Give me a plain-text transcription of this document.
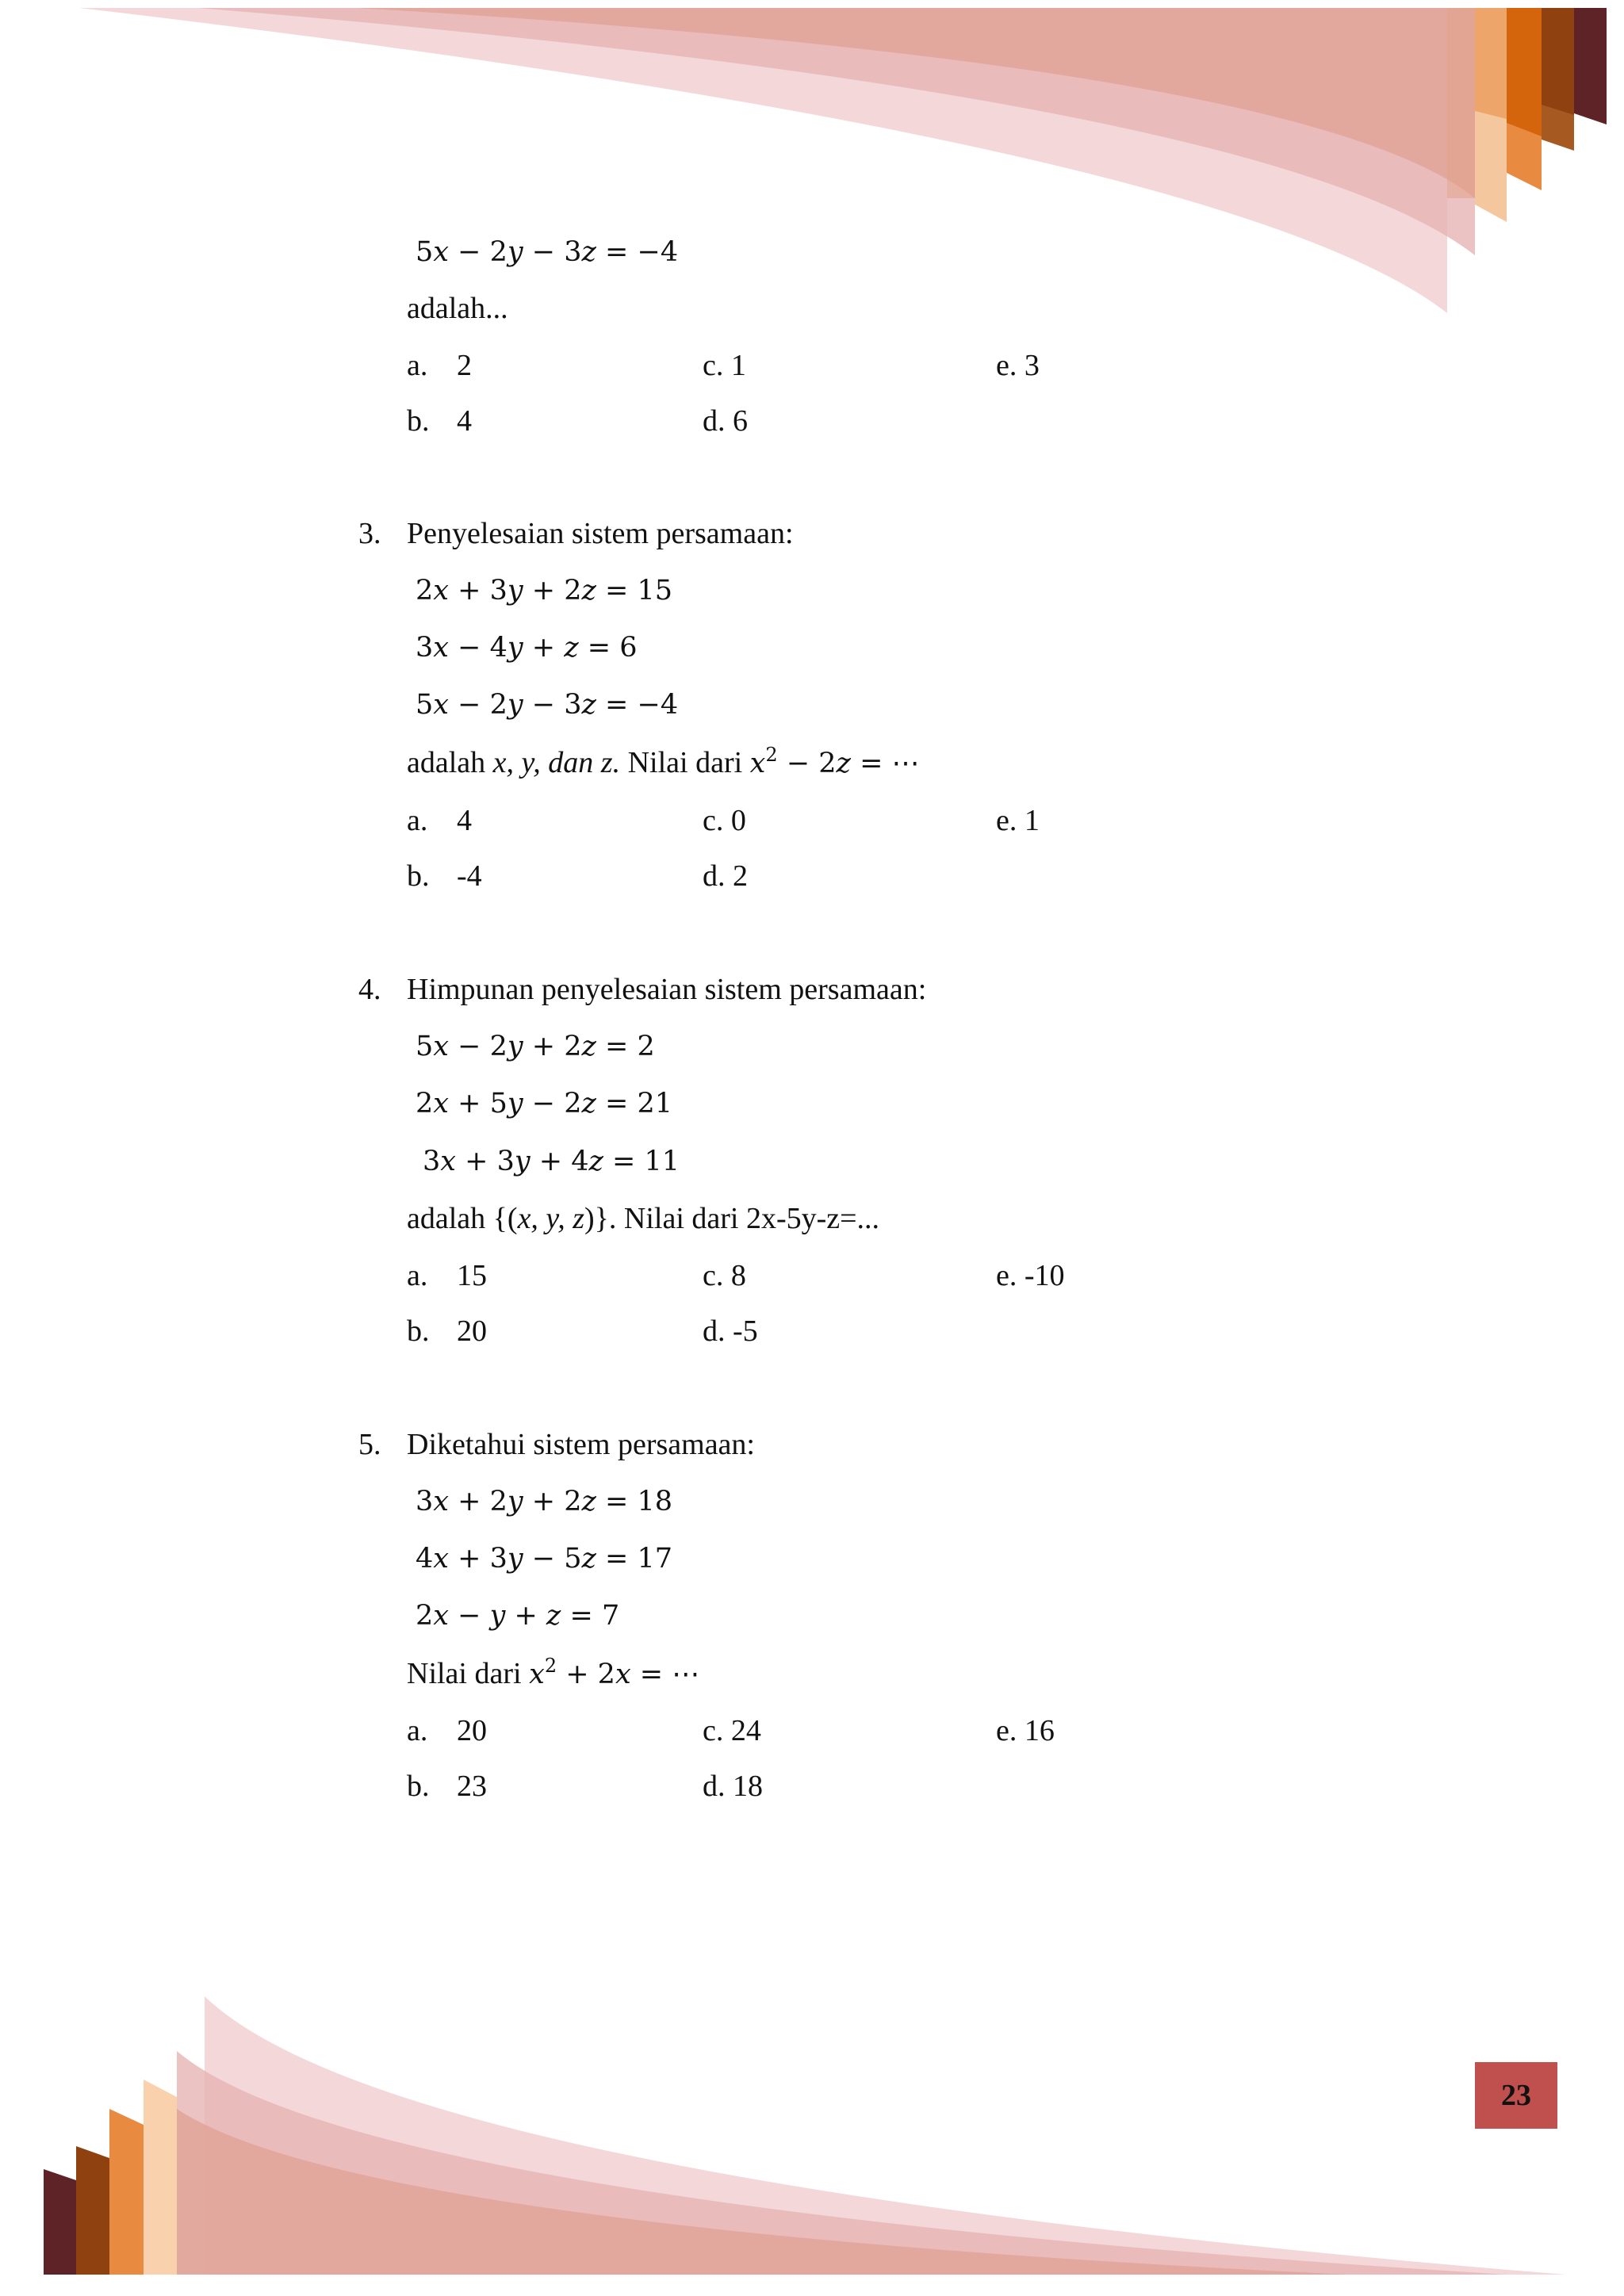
5𝑥 − 2𝑦 − 3𝑧 = −4
adalah...
a. 2	c. 1	e. 3
b. 4	d. 6
3. Penyelesaian sistem persamaan:
2𝑥 + 3𝑦 + 2𝑧 = 15
3𝑥 − 4𝑦 + 𝑧 = 6
5𝑥 − 2𝑦 − 3𝑧 = −4
adalah x, y, dan z. Nilai dari 𝑥$^2$ − 2𝑧 = ⋯
a. 4	c. 0	e. 1
b. -4	d. 2
4. Himpunan penyelesaian sistem persamaan:
5𝑥 − 2𝑦 + 2𝑧 = 2
2𝑥 + 5𝑦 − 2𝑧 = 21
3𝑥 + 3𝑦 + 4𝑧 = 11
adalah {(x, y, z)}. Nilai dari 2x-5y-z=...
a. 15	c. 8	e. -10
b. 20	d. -5
5. Diketahui sistem persamaan:
3𝑥 + 2𝑦 + 2𝑧 = 18
4𝑥 + 3𝑦 − 5𝑧 = 17
2𝑥 − 𝑦 + 𝑧 = 7
Nilai dari 𝑥$^2$ + 2𝑥 = ⋯
a. 20	c. 24	e. 16
b. 23	d. 18
23
